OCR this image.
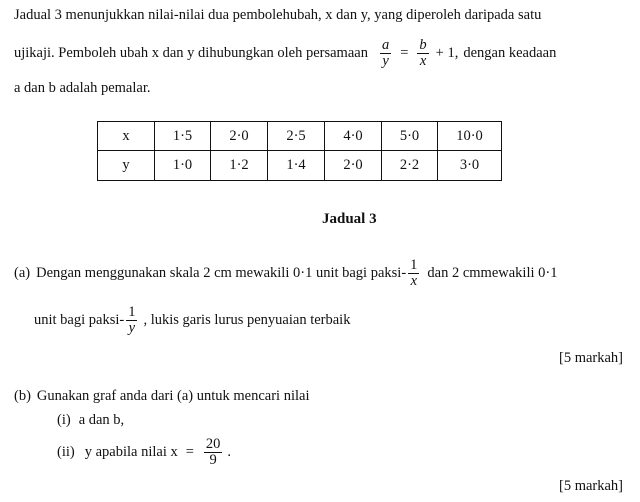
Jadual 3 menunjukkan nilai-nilai dua pembolehubah, x dan y, yang diperoleh daripada satu
ujikaji. Pemboleh ubah x dan y dihubungkan oleh persamaan $\frac{a}{y} = \frac{b}{x} + 1$, dengan keadaan
a dan b adalah pemalar.
x	1·5	2·0	2·5	4·0	5·0	10·0
y	1·0	1·2	1·4	2·0	2·2	3·0
Jadual 3
(a) Dengan menggunakan skala 2 cm mewakili 0·1 unit bagi paksi- $\frac{1}{x}$ dan 2 cmmewakili 0·1
unit bagi paksi- $\frac{1}{y}$ , lukis garis lurus penyuaian terbaik
[5 markah]
(b) Gunakan graf anda dari (a) untuk mencari nilai
(i) a dan b,
(ii) y apabila nilai $x = \frac{20}{9}$ .
[5 markah]
